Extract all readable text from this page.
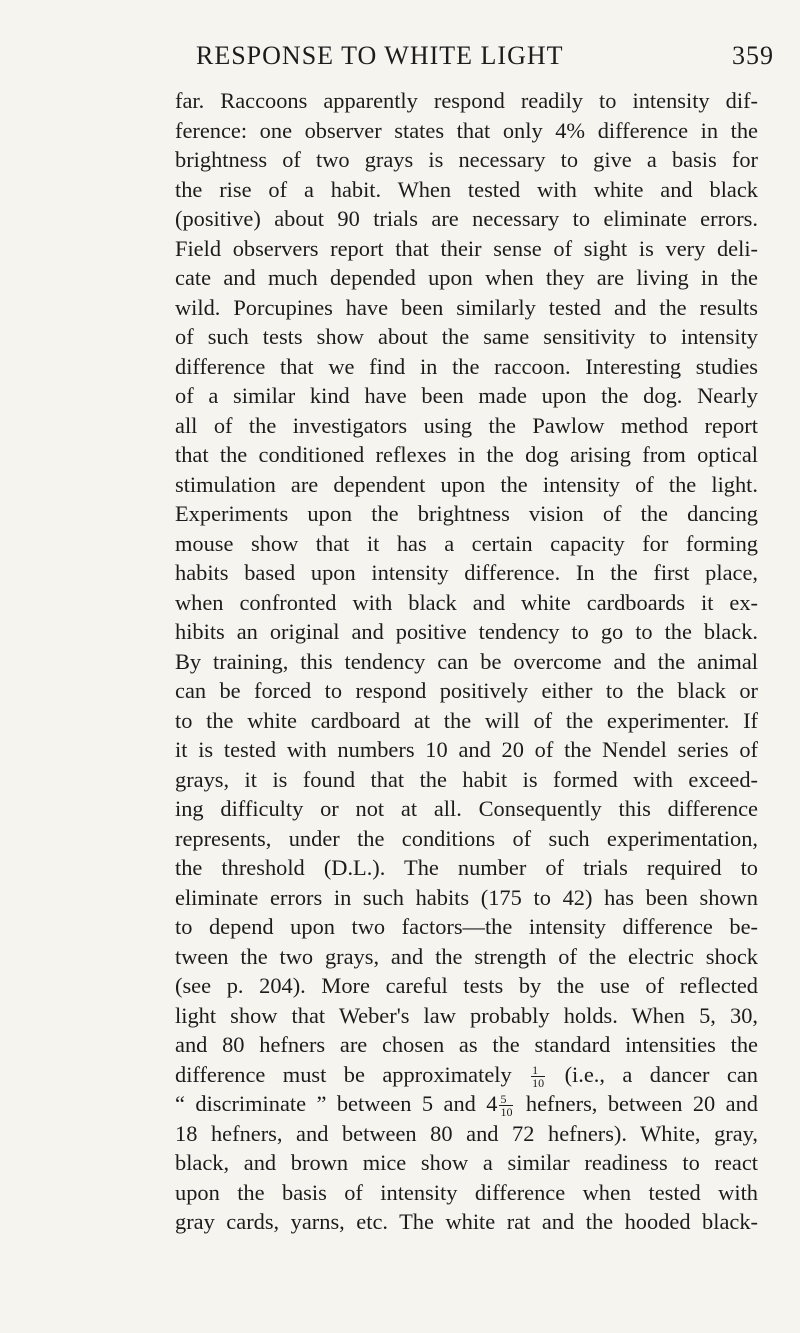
RESPONSE TO WHITE LIGHT	359
far. Raccoons apparently respond readily to intensity dif-
ference: one observer states that only 4% difference in the
brightness of two grays is necessary to give a basis for
the rise of a habit. When tested with white and black
(positive) about 90 trials are necessary to eliminate errors.
Field observers report that their sense of sight is very deli-
cate and much depended upon when they are living in the
wild. Porcupines have been similarly tested and the results
of such tests show about the same sensitivity to intensity
difference that we find in the raccoon. Interesting studies
of a similar kind have been made upon the dog. Nearly
all of the investigators using the Pawlow method report
that the conditioned reflexes in the dog arising from optical
stimulation are dependent upon the intensity of the light.
Experiments upon the brightness vision of the dancing
mouse show that it has a certain capacity for forming
habits based upon intensity difference. In the first place,
when confronted with black and white cardboards it ex-
hibits an original and positive tendency to go to the black.
By training, this tendency can be overcome and the animal
can be forced to respond positively either to the black or
to the white cardboard at the will of the experimenter. If
it is tested with numbers 10 and 20 of the Nendel series of
grays, it is found that the habit is formed with exceed-
ing difficulty or not at all. Consequently this difference
represents, under the conditions of such experimentation,
the threshold (D.L.). The number of trials required to
eliminate errors in such habits (175 to 42) has been shown
to depend upon two factors—the intensity difference be-
tween the two grays, and the strength of the electric shock
(see p. 204). More careful tests by the use of reflected
light show that Weber's law probably holds. When 5, 30,
and 80 hefners are chosen as the standard intensities the
difference must be approximately $\frac{1}{10} (i.e$., a dancer can
“ discriminate ” between 5 and $4 \frac{5}{10}$ hefners, between 20 and
18 hefners, and between 80 and 72 hefners). White, gray,
black, and brown mice show a similar readiness to react
upon the basis of intensity difference when tested with
gray cards, yarns, etc. The white rat and the hooded black-
